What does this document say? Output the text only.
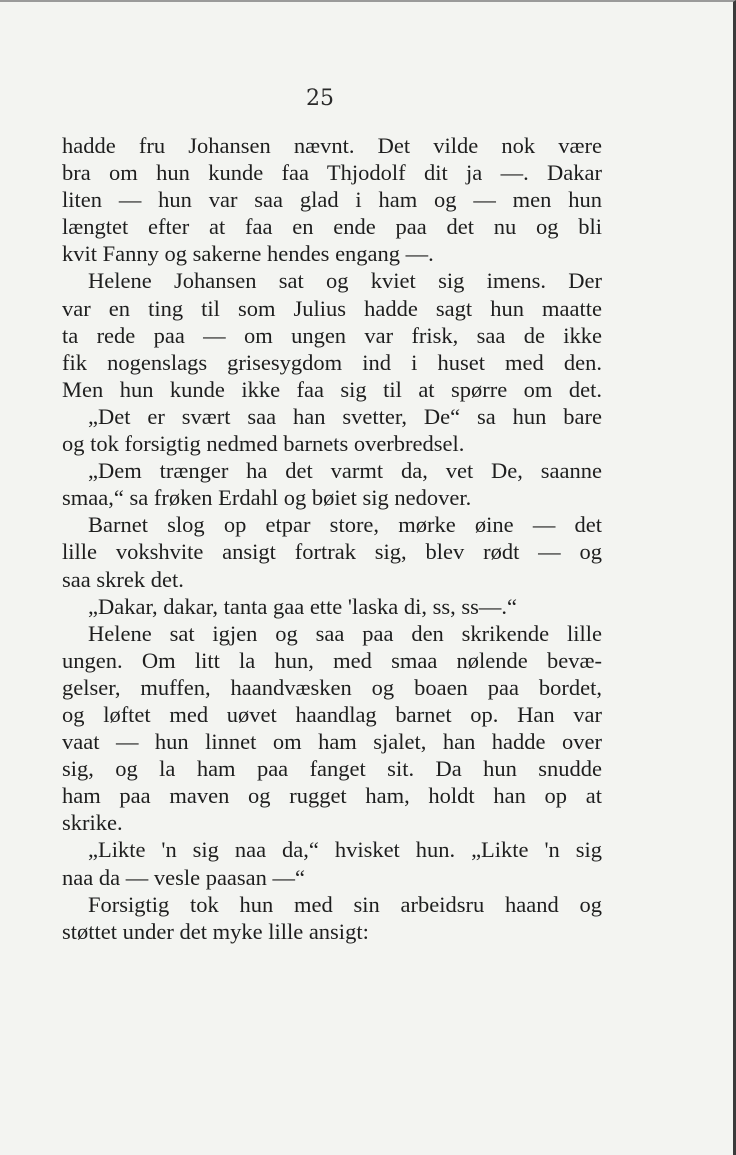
25
hadde fru Johansen nævnt. Det vilde nok være
bra om hun kunde faa Thjodolf dit ja —. Dakar
liten — hun var saa glad i ham og — men hun
længtet efter at faa en ende paa det nu og bli
kvit Fanny og sakerne hendes engang —.
Helene Johansen sat og kviet sig imens. Der
var en ting til som Julius hadde sagt hun maatte
ta rede paa — om ungen var frisk, saa de ikke
fik nogenslags grisesygdom ind i huset med den.
Men hun kunde ikke faa sig til at spørre om det.
„Det er svært saa han svetter, De“ sa hun bare
og tok forsigtig nedmed barnets overbredsel.
„Dem trænger ha det varmt da, vet De, saanne
smaa,“ sa frøken Erdahl og bøiet sig nedover.
Barnet slog op etpar store, mørke øine — det
lille vokshvite ansigt fortrak sig, blev rødt — og
saa skrek det.
„Dakar, dakar, tanta gaa ette 'laska di, ss, ss—.“
Helene sat igjen og saa paa den skrikende lille
ungen. Om litt la hun, med smaa nølende bevæ-
gelser, muffen, haandvæsken og boaen paa bordet,
og løftet med uøvet haandlag barnet op. Han var
vaat — hun linnet om ham sjalet, han hadde over
sig, og la ham paa fanget sit. Da hun snudde
ham paa maven og rugget ham, holdt han op at
skrike.
„Likte 'n sig naa da,“ hvisket hun. „Likte 'n sig
naa da — vesle paasan —“
Forsigtig tok hun med sin arbeidsru haand og
støttet under det myke lille ansigt:
